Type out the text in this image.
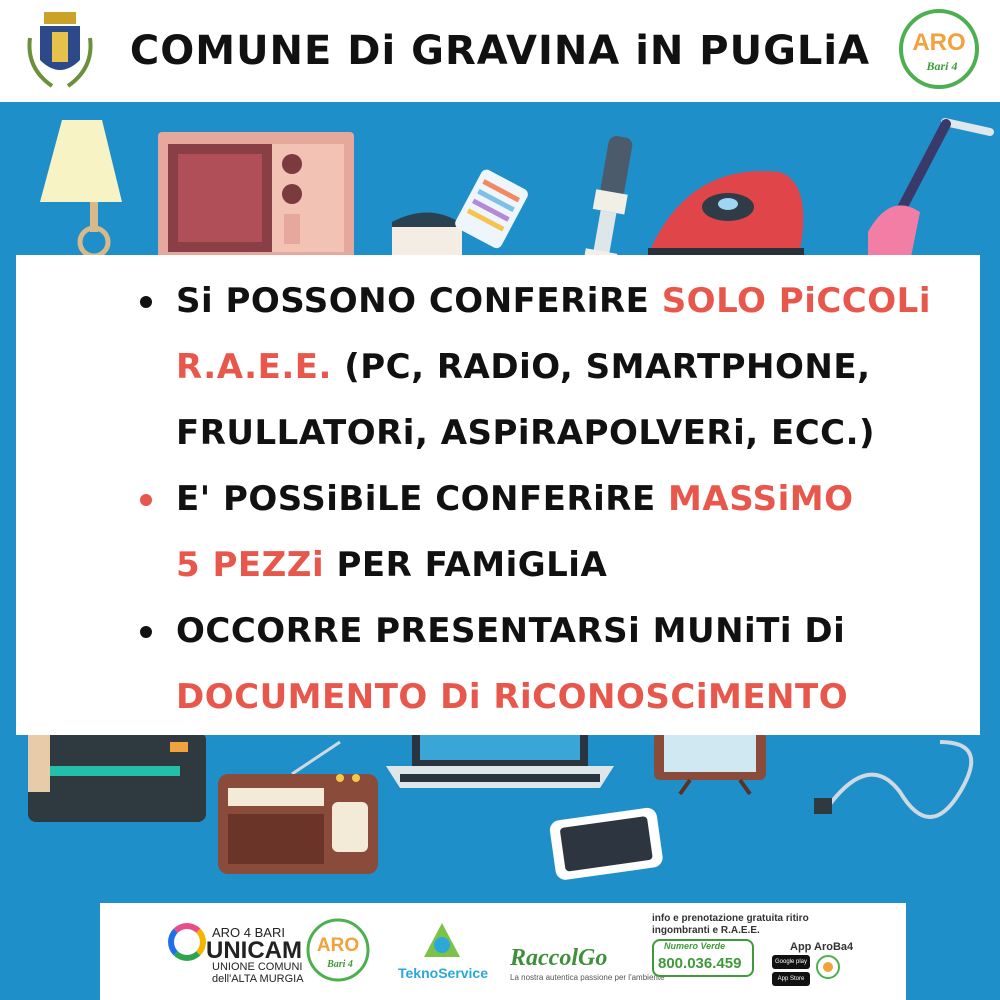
COMUNE Di GRAVINA iN PUGLiA	ARO
Bari 4
Si POSSONO CONFERiRE SOLO PiCCOLi
R.A.E.E. (PC, RADiO, SMARTPHONE,
FRULLATORi, ASPiRAPOLVERi, ECC.)
E' POSSiBiLE CONFERiRE MASSiMO
5 PEZZi PER FAMiGLiA
OCCORRE PRESENTARSi MUNiTi Di
DOCUMENTO Di RiCONOSCiMENTO
ARO 4 BARI
UNICAM
UNIONE COMUNI
dell'ALTA MURGIA
ARO
Bari 4
TeknoService
RaccolGo
La nostra autentica passione per l'ambiente
info e prenotazione gratuita ritiro
ingombranti e R.A.E.E.
Numero Verde
800.036.459
App AroBa4
Google play
App Store
